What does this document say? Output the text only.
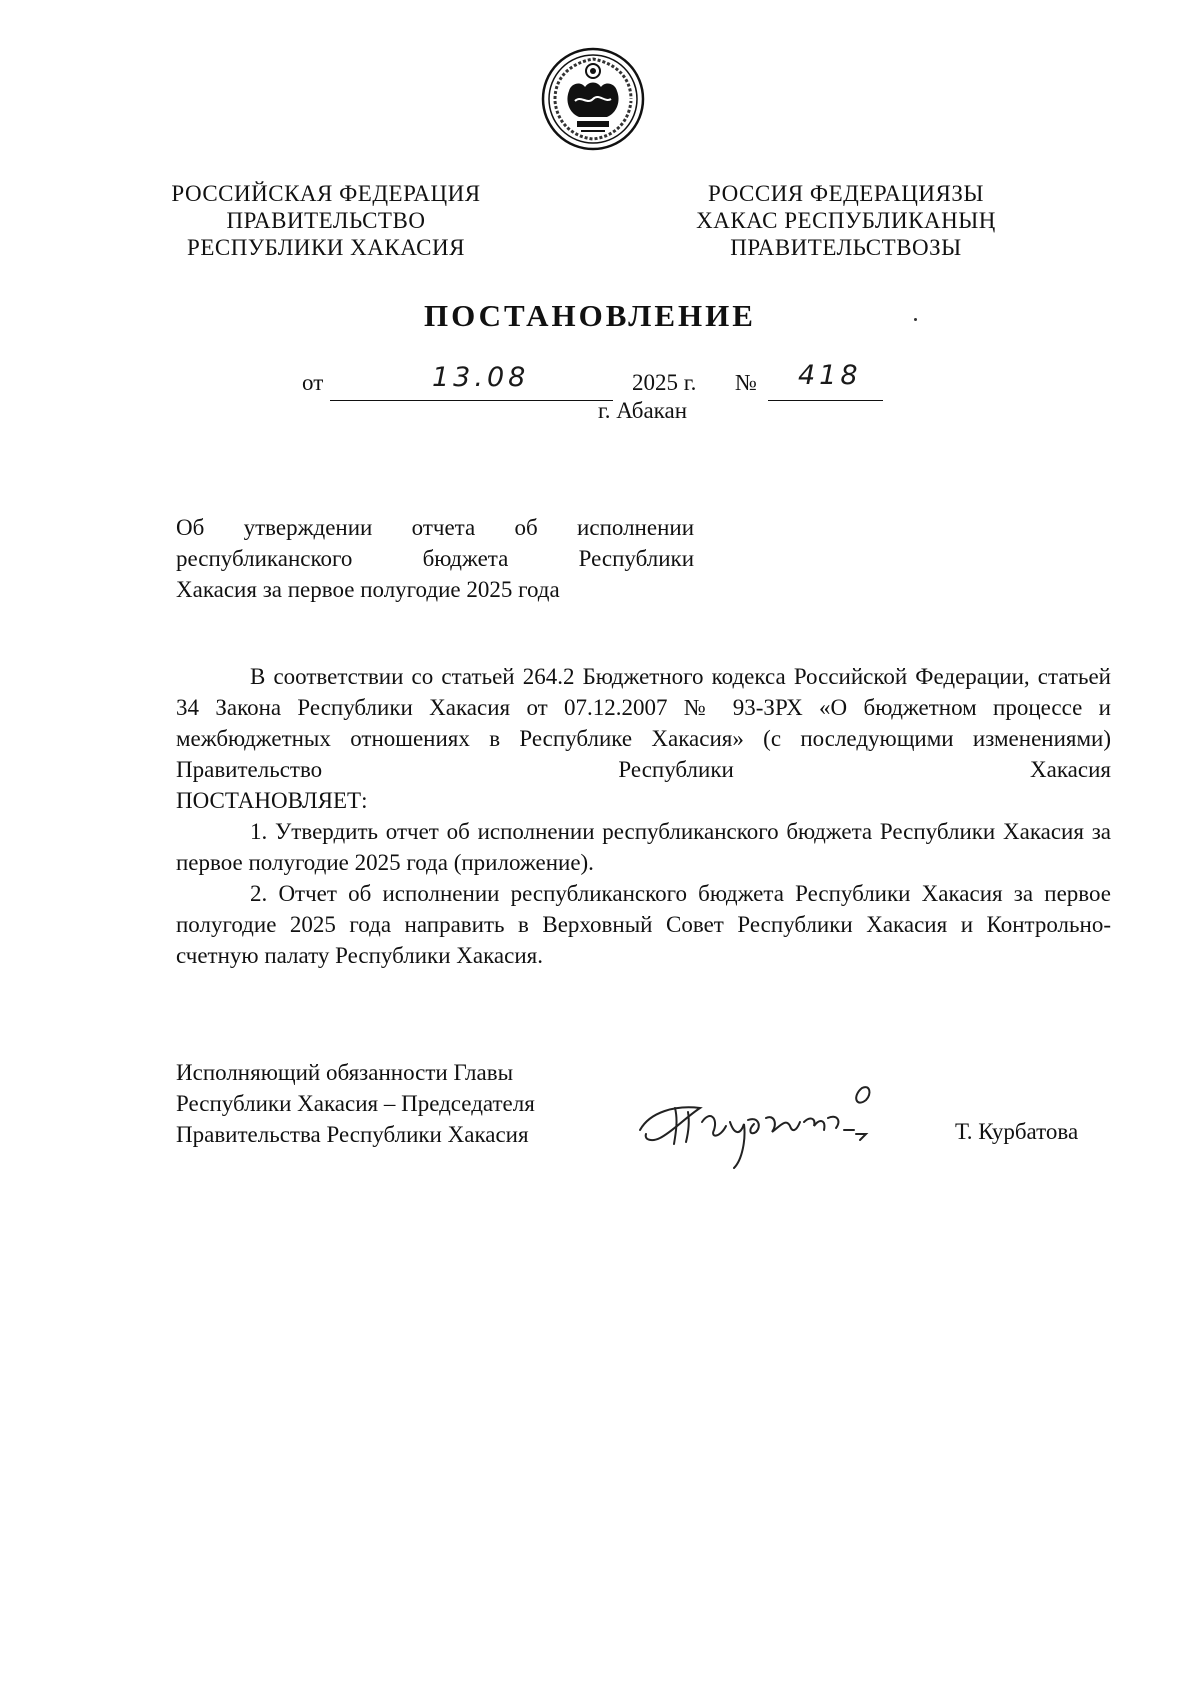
РОССИЙСКАЯ ФЕДЕРАЦИЯ
ПРАВИТЕЛЬСТВО
РЕСПУБЛИКИ ХАКАСИЯ
РОССИЯ ФЕДЕРАЦИЯЗЫ
ХАКАС РЕСПУБЛИКАНЫҢ
ПРАВИТЕЛЬСТВОЗЫ
ПОСТАНОВЛЕНИЕ
от	13.08	2025 г. № 418
г. Абакан
Об утверждении отчета об исполнении
республиканского бюджета Республики
Хакасия за первое полугодие 2025 года

В соответствии со статьей 264.2 Бюджетного кодекса Российской Федерации, статьей 34 Закона Республики Хакасия от 07.12.2007 № 93-ЗРХ «О бюджетном процессе и межбюджетных отношениях в Республике Хакасия» (с последующими изменениями) Правительство Республики Хакасия

ПОСТАНОВЛЯЕТ:

1. Утвердить отчет об исполнении республиканского бюджета Республики Хакасия за первое полугодие 2025 года (приложение).

2. Отчет об исполнении республиканского бюджета Республики Хакасия за первое полугодие 2025 года направить в Верховный Совет Республики Хакасия и Контрольно-счетную палату Республики Хакасия.

Исполняющий обязанности Главы
Республики Хакасия – Председателя
Правительства Республики Хакасия	Т. Курбатова
